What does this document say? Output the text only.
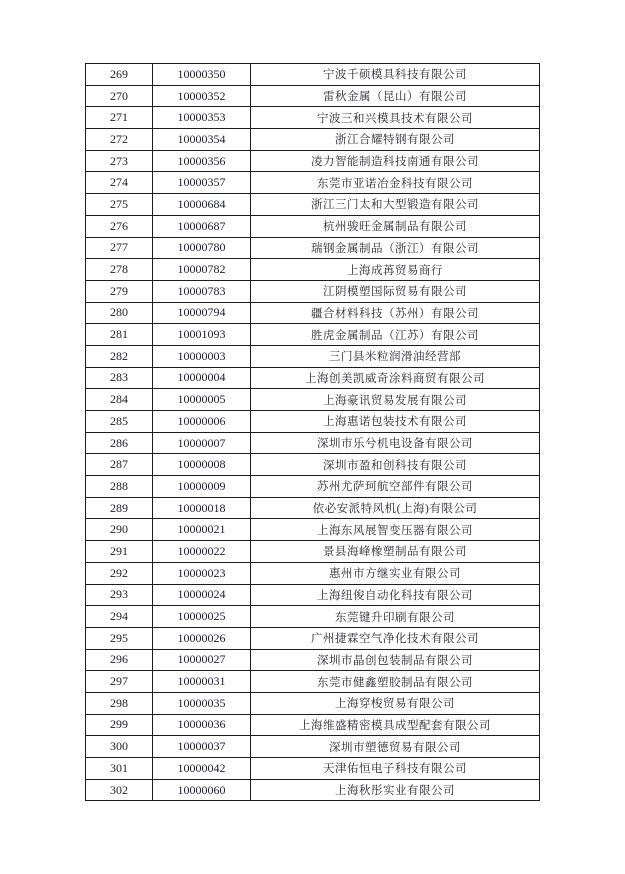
269	10000350	宁波千硕模具科技有限公司
270	10000352	雷秋金属（昆山）有限公司
271	10000353	宁波三和兴模具技术有限公司
272	10000354	浙江合耀特钢有限公司
273	10000356	凌力智能制造科技南通有限公司
274	10000357	东莞市亚诺冶金科技有限公司
275	10000684	浙江三门太和大型锻造有限公司
276	10000687	杭州骏旺金属制品有限公司
277	10000780	瑞钢金属制品（浙江）有限公司
278	10000782	上海成苒贸易商行
279	10000783	江阴模塑国际贸易有限公司
280	10000794	疆合材料科技（苏州）有限公司
281	10001093	胜虎金属制品（江苏）有限公司
282	10000003	三门县米粒润滑油经营部
283	10000004	上海创美凯威奇涂料商贸有限公司
284	10000005	上海豪讯贸易发展有限公司
285	10000006	上海惠诺包装技术有限公司
286	10000007	深圳市乐兮机电设备有限公司
287	10000008	深圳市盈和创科技有限公司
288	10000009	苏州尤萨珂航空部件有限公司
289	10000018	依必安派特风机(上海)有限公司
290	10000021	上海东风展智变压器有限公司
291	10000022	景县海峰橡塑制品有限公司
292	10000023	惠州市方继实业有限公司
293	10000024	上海纽俊自动化科技有限公司
294	10000025	东莞键升印刷有限公司
295	10000026	广州捷霖空气净化技术有限公司
296	10000027	深圳市晶创包装制品有限公司
297	10000031	东莞市健鑫塑胶制品有限公司
298	10000035	上海穿梭贸易有限公司
299	10000036	上海维盛精密模具成型配套有限公司
300	10000037	深圳市塑德贸易有限公司
301	10000042	天津佑恒电子科技有限公司
302	10000060	上海秋彤实业有限公司
